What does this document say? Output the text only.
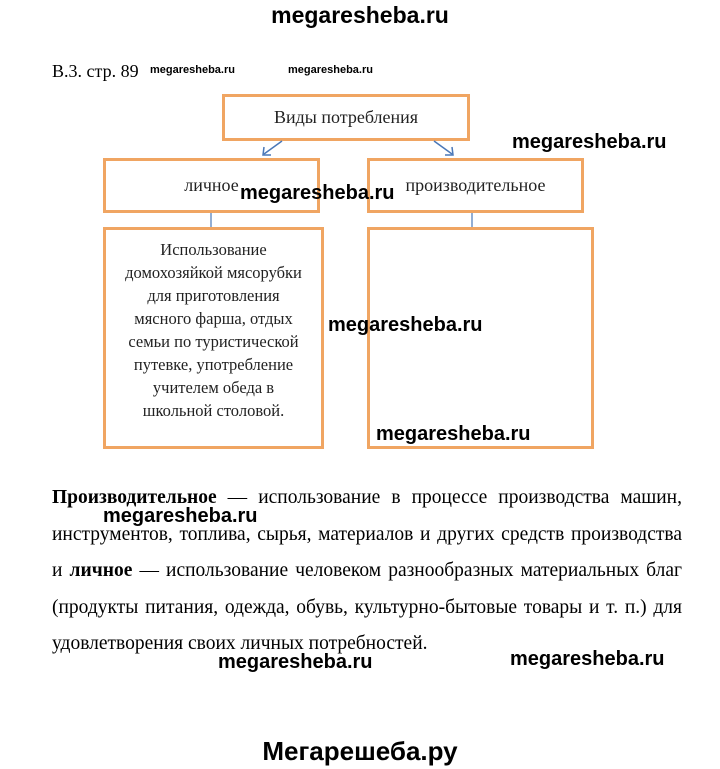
megaresheba.ru
В.3. стр. 89 megaresheba.ru	megaresheba.ru
Виды потребления
личное	производительное
Использование
домохозяйкой мясорубки
для приготовления
мясного фарша, отдых
семьи по туристической
путевке, употребление
учителем обеда в
школьной столовой.
megaresheba.ru
megaresheba.ru
megaresheba.ru
megaresheba.ru
Производительное — использование в процессе производства машин, инструментов, топлива, сырья, материалов и других средств производства и личное — использование человеком разнообразных материальных благ (продукты питания, одежда, обувь, культурно-бытовые товары и т. п.) для удовлетворения своих личных потребностей.
megaresheba.ru
megaresheba.ru	megaresheba.ru
Мегарешеба.ру
